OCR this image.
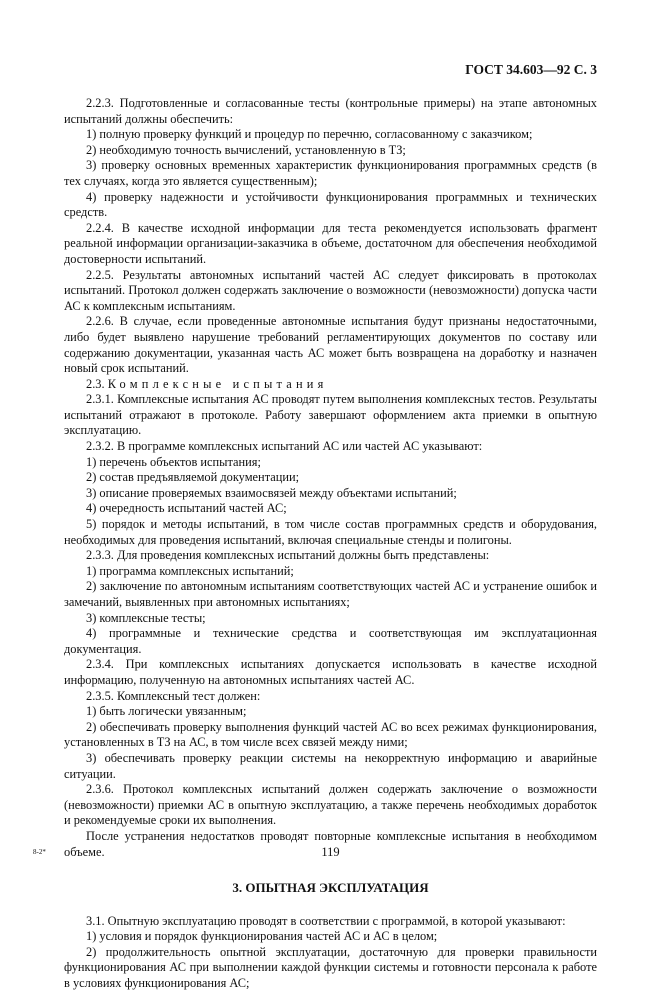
ГОСТ 34.603—92 С. 3

2.2.3. Подготовленные и согласованные тесты (контрольные примеры) на этапе автономных испытаний должны обеспечить:

1) полную проверку функций и процедур по перечню, согласованному с заказчиком;

2) необходимую точность вычислений, установленную в ТЗ;

3) проверку основных временных характеристик функционирования программных средств (в тех случаях, когда это является существенным);

4) проверку надежности и устойчивости функционирования программных и технических средств.

2.2.4. В качестве исходной информации для теста рекомендуется использовать фрагмент реальной информации организации-заказчика в объеме, достаточном для обеспечения необходимой достоверности испытаний.

2.2.5. Результаты автономных испытаний частей АС следует фиксировать в протоколах испытаний. Протокол должен содержать заключение о возможности (невозможности) допуска части АС к комплексным испытаниям.

2.2.6. В случае, если проведенные автономные испытания будут признаны недостаточными, либо будет выявлено нарушение требований регламентирующих документов по составу или содержанию документации, указанная часть АС может быть возвращена на доработку и назначен новый срок испытаний.

2.3. Комплексные испытания

2.3.1. Комплексные испытания АС проводят путем выполнения комплексных тестов. Результаты испытаний отражают в протоколе. Работу завершают оформлением акта приемки в опытную эксплуатацию.

2.3.2. В программе комплексных испытаний АС или частей АС указывают:

1) перечень объектов испытания;

2) состав предъявляемой документации;

3) описание проверяемых взаимосвязей между объектами испытаний;

4) очередность испытаний частей АС;

5) порядок и методы испытаний, в том числе состав программных средств и оборудования, необходимых для проведения испытаний, включая специальные стенды и полигоны.

2.3.3. Для проведения комплексных испытаний должны быть представлены:

1) программа комплексных испытаний;

2) заключение по автономным испытаниям соответствующих частей АС и устранение ошибок и замечаний, выявленных при автономных испытаниях;

3) комплексные тесты;

4) программные и технические средства и соответствующая им эксплуатационная документация.

2.3.4. При комплексных испытаниях допускается использовать в качестве исходной информацию, полученную на автономных испытаниях частей АС.

2.3.5. Комплексный тест должен:

1) быть логически увязанным;

2) обеспечивать проверку выполнения функций частей АС во всех режимах функционирования, установленных в ТЗ на АС, в том числе всех связей между ними;

3) обеспечивать проверку реакции системы на некорректную информацию и аварийные ситуации.

2.3.6. Протокол комплексных испытаний должен содержать заключение о возможности (невозможности) приемки АС в опытную эксплуатацию, а также перечень необходимых доработок и рекомендуемые сроки их выполнения.

После устранения недостатков проводят повторные комплексные испытания в необходимом объеме.

3. ОПЫТНАЯ ЭКСПЛУАТАЦИЯ

3.1. Опытную эксплуатацию проводят в соответствии с программой, в которой указывают:

1) условия и порядок функционирования частей АС и АС в целом;

2) продолжительность опытной эксплуатации, достаточную для проверки правильности функционирования АС при выполнении каждой функции системы и готовности персонала к работе в условиях функционирования АС;

8-2*	119
